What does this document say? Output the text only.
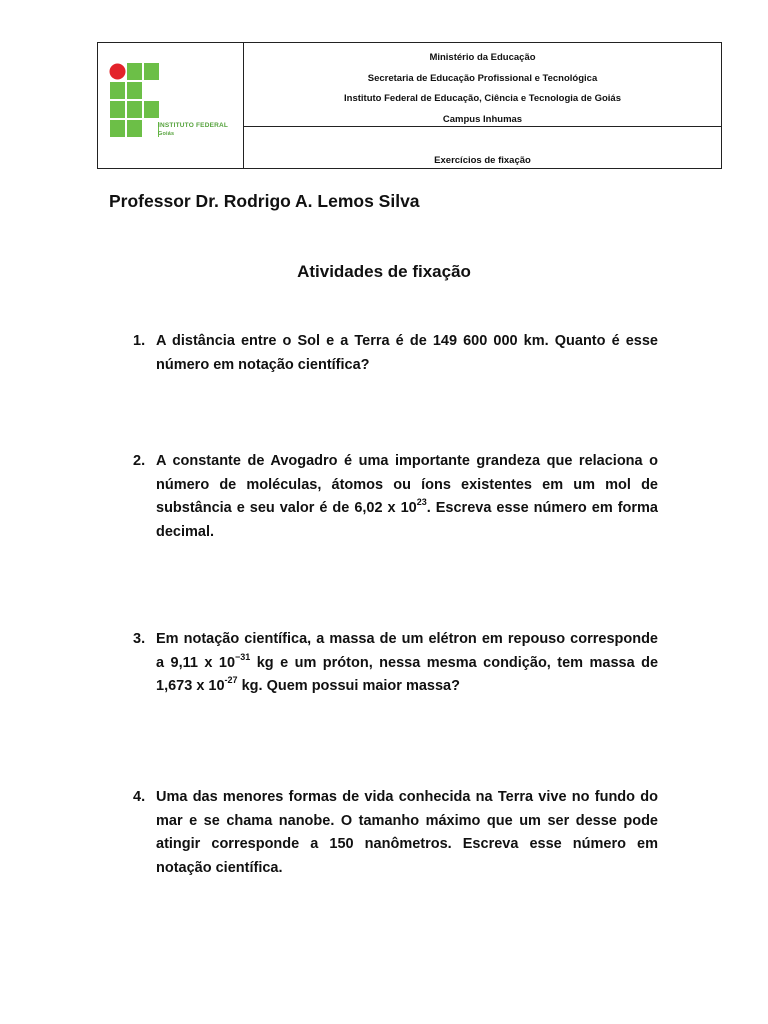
INSTITUTO FEDERAL
Goiás
Ministério da Educação
Secretaria de Educação Profissional e Tecnológica
Instituto Federal de Educação, Ciência e Tecnologia de Goiás
Campus Inhumas
Exercícios de fixação
Professor Dr. Rodrigo A. Lemos Silva
Atividades de fixação
1. A distância entre o Sol e a Terra é de 149 600 000 km. Quanto é esse número em notação científica?
2. A constante de Avogadro é uma importante grandeza que relaciona o número de moléculas, átomos ou íons existentes em um mol de substância e seu valor é de 6,02 x $10^{23}$. Escreva esse número em forma decimal.
3. Em notação científica, a massa de um elétron em repouso corresponde a 9,11 x $10^{-31}$ kg e um próton, nessa mesma condição, tem massa de 1,673 x $10^{-27}$ kg. Quem possui maior massa?
4. Uma das menores formas de vida conhecida na Terra vive no fundo do mar e se chama nanobe. O tamanho máximo que um ser desse pode atingir corresponde a 150 nanômetros. Escreva esse número em notação científica.
